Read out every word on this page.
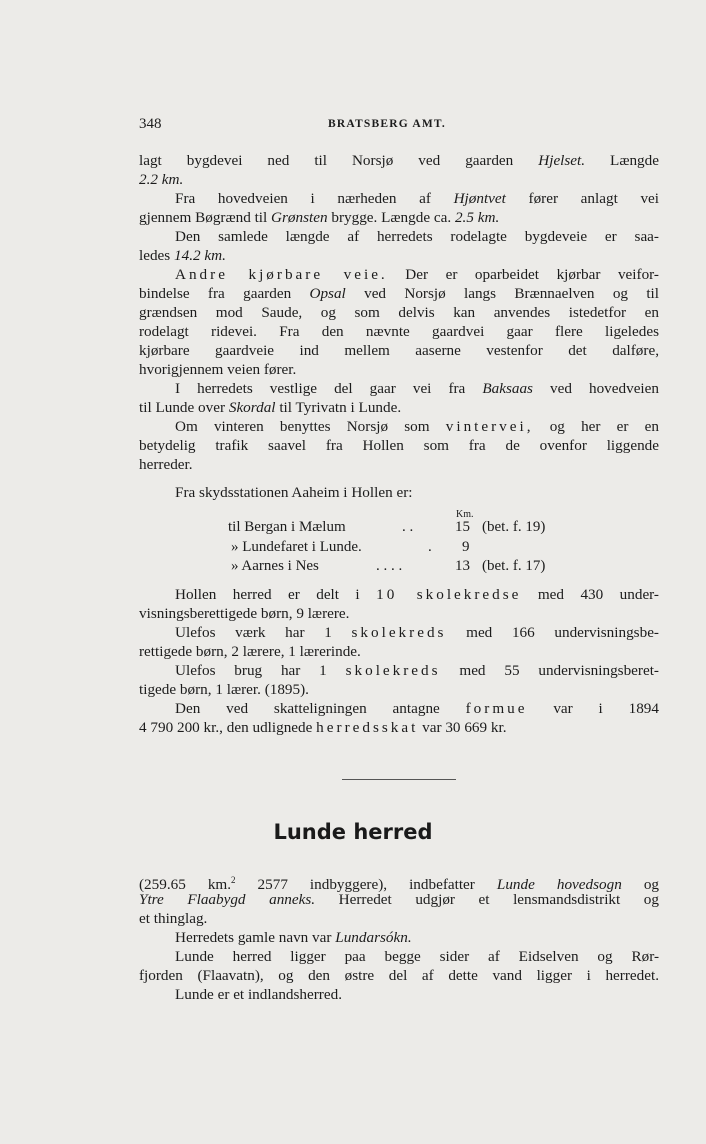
348	BRATSBERG AMT.
lagt bygdevei ned til Norsjø ved gaarden Hjelset. Længde
2.2 km.
Fra hovedveien i nærheden af Hjøntvet fører anlagt vei
gjennem Bøgrænd til Grønsten brygge. Længde ca. 2.5 km.
Den samlede længde af herredets rodelagte bygdeveie er saa-
ledes 14.2 km.
Andre kjørbare veie. Der er oparbeidet kjørbar veifor-
bindelse fra gaarden Opsal ved Norsjø langs Brænnaelven og til
grændsen mod Saude, og som delvis kan anvendes istedetfor en
rodelagt ridevei. Fra den nævnte gaardvei gaar flere ligeledes
kjørbare gaardveie ind mellem aaserne vestenfor det dalføre,
hvorigjennem veien fører.
I herredets vestlige del gaar vei fra Baksaas ved hovedveien
til Lunde over Skordal til Tyrivatn i Lunde.
Om vinteren benyttes Norsjø som vintervei, og her er en
betydelig trafik saavel fra Hollen som fra de ovenfor liggende
herreder.
Fra skydsstationen Aaheim i Hollen er:
Km.
til Bergan i Mælum	. .	15 (bet. f. 19)
» Lundefaret i Lunde.	. 9
» Aarnes i Nes	. . . .	13 (bet. f. 17)
Hollen herred er delt i 10 skolekredse med 430 under-
visningsberettigede børn, 9 lærere.
Ulefos værk har 1 skolekreds med 166 undervisningsbe-
rettigede børn, 2 lærere, 1 lærerinde.
Ulefos brug har 1 skolekreds med 55 undervisningsberet-
tigede børn, 1 lærer. (1895).
Den ved skatteligningen antagne formue var i 1894
4 790 200 kr., den udlignede herredsskat var 30 669 kr.
Lunde herred
(259.65 km.$^2$ 2577 indbyggere), indbefatter Lunde hovedsogn og
Ytre Flaabygd anneks. Herredet udgjør et lensmandsdistrikt og
et thinglag.
Herredets gamle navn var Lundarsókn.
Lunde herred ligger paa begge sider af Eidselven og Rør-
fjorden (Flaavatn), og den østre del af dette vand ligger i herredet.
Lunde er et indlandsherred.
